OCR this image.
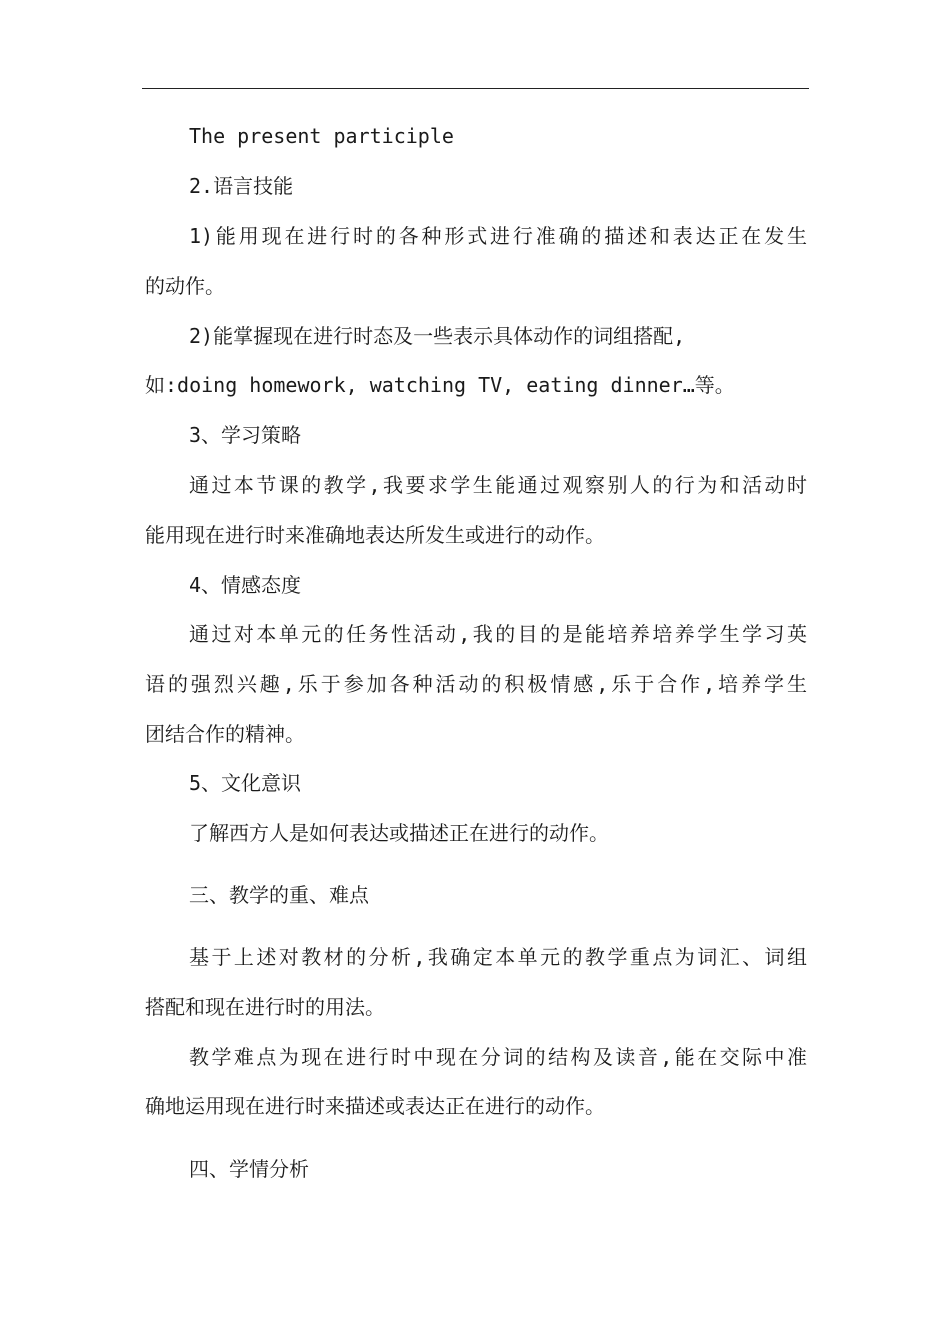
The present participle
2.语言技能
1)能用现在进行时的各种形式进行准确的描述和表达正在发生
的动作。
2)能掌握现在进行时态及一些表示具体动作的词组搭配,
如:doing homework, watching TV, eating dinner…等。
3、学习策略
通过本节课的教学,我要求学生能通过观察别人的行为和活动时
能用现在进行时来准确地表达所发生或进行的动作。
4、情感态度
通过对本单元的任务性活动,我的目的是能培养培养学生学习英
语的强烈兴趣,乐于参加各种活动的积极情感,乐于合作,培养学生
团结合作的精神。
5、文化意识
了解西方人是如何表达或描述正在进行的动作。
三、教学的重、难点
基于上述对教材的分析,我确定本单元的教学重点为词汇、词组
搭配和现在进行时的用法。
教学难点为现在进行时中现在分词的结构及读音,能在交际中准
确地运用现在进行时来描述或表达正在进行的动作。
四、学情分析
